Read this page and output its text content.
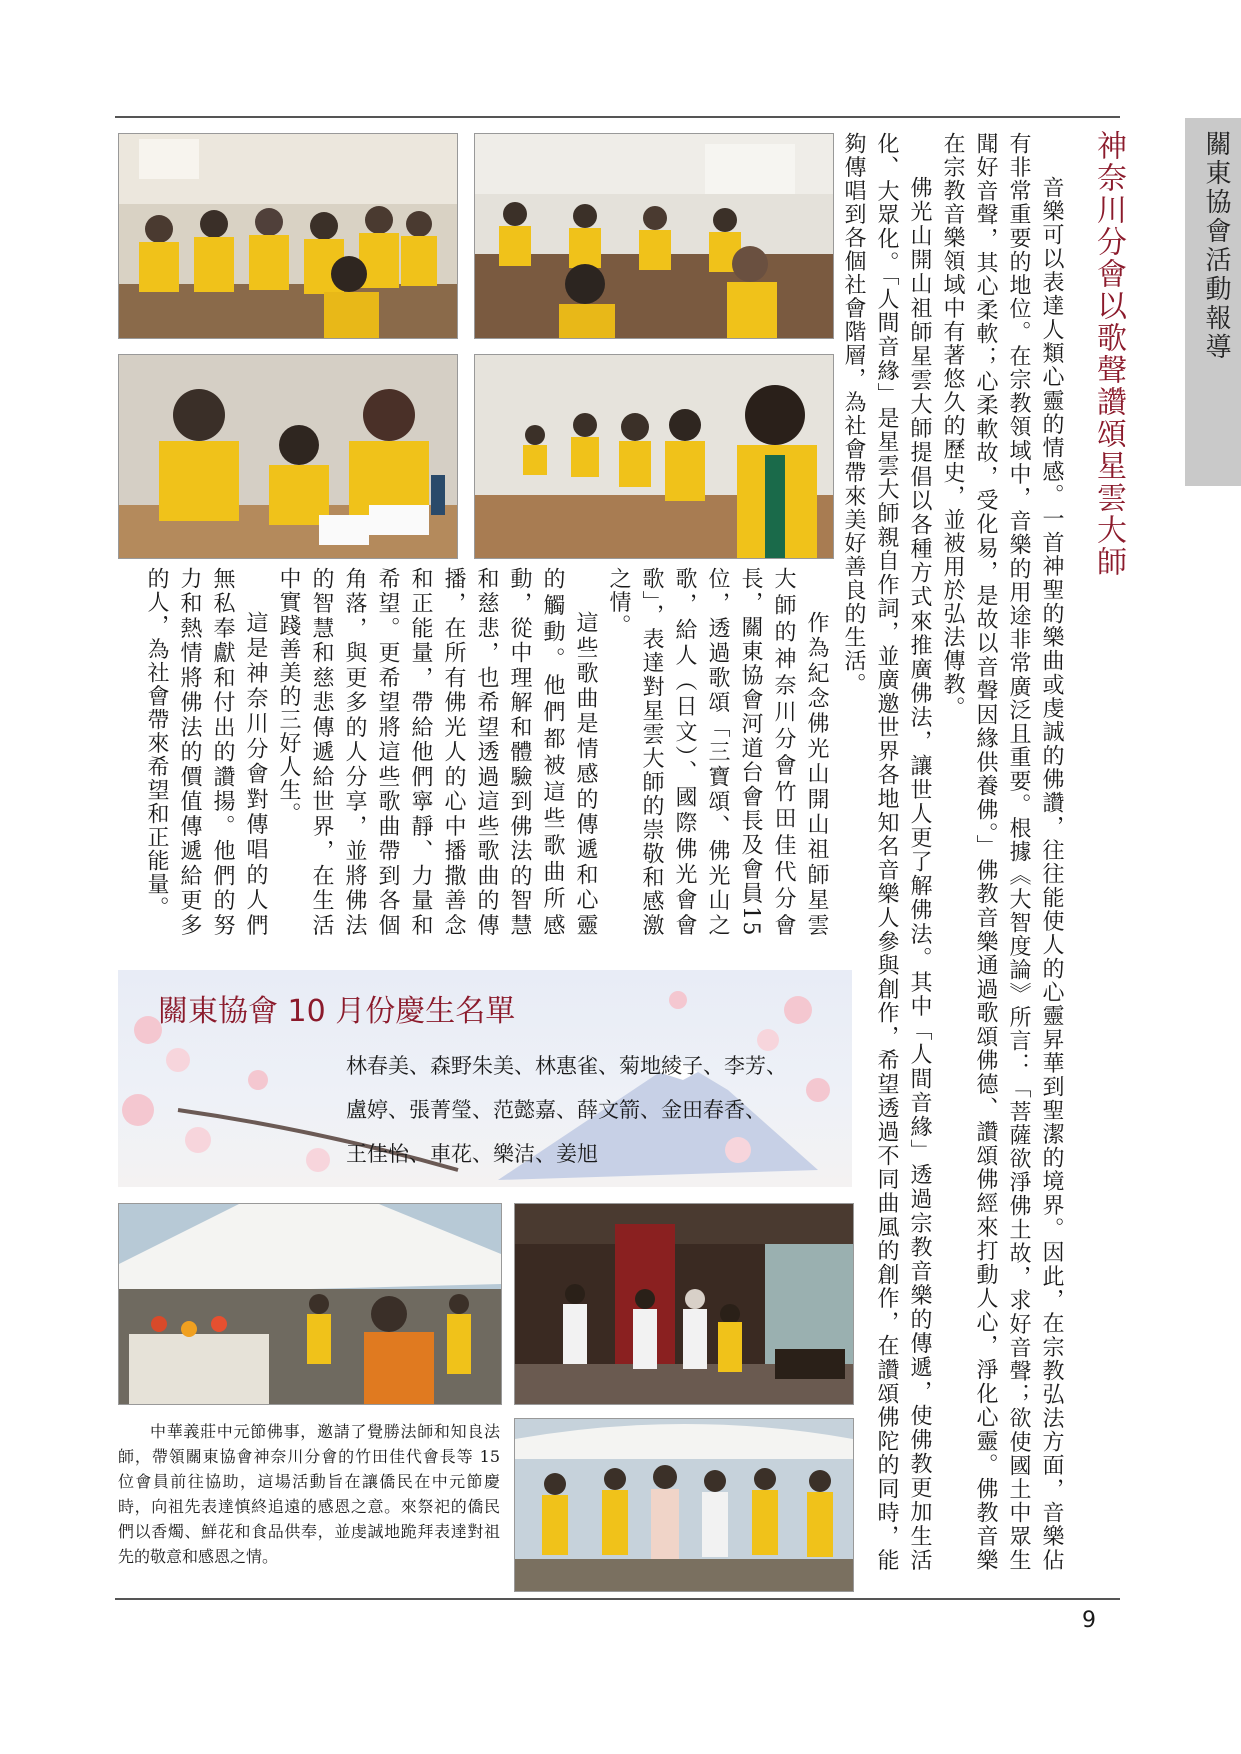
關東協會活動報導
神奈川分會以歌聲讚頌星雲大師
音樂可以表達人類心靈的情感。一首神聖的樂曲或虔誠的佛讚，往往能使人的心靈昇華到聖潔的境界。因此，在宗教弘法方面，音樂佔有非常重要的地位。在宗教領域中，音樂的用途非常廣泛且重要。根據《大智度論》所言：「菩薩欲淨佛土故，求好音聲；欲使國土中眾生聞好音聲，其心柔軟；心柔軟故，受化易，是故以音聲因緣供養佛。」佛教音樂通過歌頌佛德、讚頌佛經來打動人心，淨化心靈。佛教音樂在宗教音樂領域中有著悠久的歷史，並被用於弘法傳教。
佛光山開山祖師星雲大師提倡以各種方式來推廣佛法，讓世人更了解佛法。其中「人間音緣」透過宗教音樂的傳遞，使佛教更加生活化、大眾化。「人間音緣」是星雲大師親自作詞，並廣邀世界各地知名音樂人參與創作，希望透過不同曲風的創作，在讚頌佛陀的同時，能夠傳唱到各個社會階層，為社會帶來美好善良的生活。
作為紀念佛光山開山祖師星雲大師的神奈川分會竹田佳代分會長，關東協會河道台會長及會員15位，透過歌頌「三寶頌、佛光山之歌，給人（日文）、國際佛光會會歌」，表達對星雲大師的崇敬和感激之情。
這些歌曲是情感的傳遞和心靈的觸動。他們都被這些歌曲所感動，從中理解和體驗到佛法的智慧和慈悲，也希望透過這些歌曲的傳播，在所有佛光人的心中播撒善念和正能量，帶給他們寧靜、力量和希望。更希望將這些歌曲帶到各個角落，與更多的人分享，並將佛法的智慧和慈悲傳遞給世界，在生活中實踐善美的三好人生。
這是神奈川分會對傳唱的人們無私奉獻和付出的讚揚。他們的努力和熱情將佛法的價值傳遞給更多的人，為社會帶來希望和正能量。
關東協會 10 月份慶生名單
林春美、森野朱美、林惠雀、菊地綾子、李芳、
盧婷、張菁瑩、范懿嘉、薛文箭、金田春香、
王佳怡、車花、樂洁、姜旭
中華義莊中元節佛事，邀請了覺勝法師和知良法師，帶領關東協會神奈川分會的竹田佳代會長等 15 位會員前往協助，這場活動旨在讓僑民在中元節慶時，向祖先表達慎終追遠的感恩之意。來祭祀的僑民們以香燭、鮮花和食品供奉，並虔誠地跪拜表達對祖先的敬意和感恩之情。
9
